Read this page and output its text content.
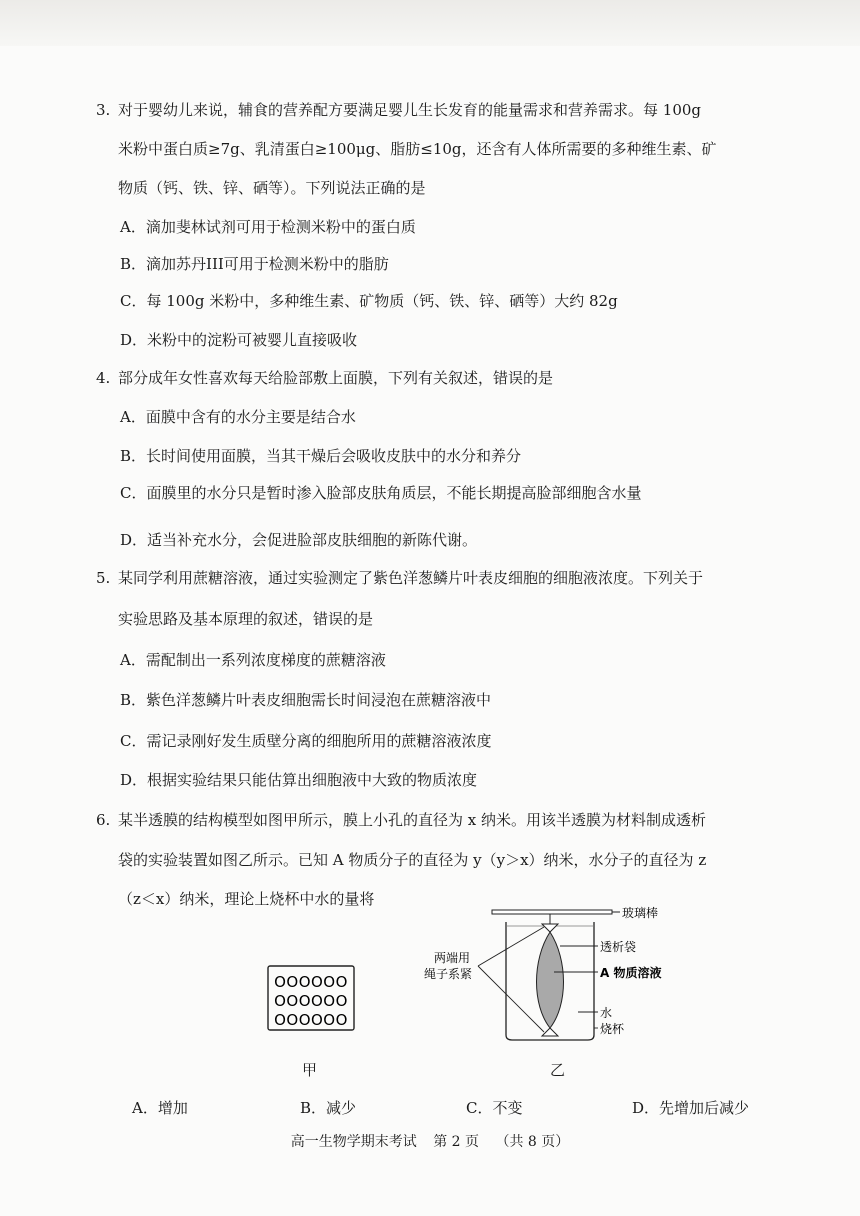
3. 对于婴幼儿来说，辅食的营养配方要满足婴儿生长发育的能量需求和营养需求。每 100g
米粉中蛋白质≥7g、乳清蛋白≥100μg、脂肪≤10g，还含有人体所需要的多种维生素、矿
物质（钙、铁、锌、硒等）。下列说法正确的是
A．滴加斐林试剂可用于检测米粉中的蛋白质
B．滴加苏丹III可用于检测米粉中的脂肪
C．每 100g 米粉中，多种维生素、矿物质（钙、铁、锌、硒等）大约 82g
D．米粉中的淀粉可被婴儿直接吸收
4. 部分成年女性喜欢每天给脸部敷上面膜，下列有关叙述，错误的是
A．面膜中含有的水分主要是结合水
B．长时间使用面膜，当其干燥后会吸收皮肤中的水分和养分
C．面膜里的水分只是暂时渗入脸部皮肤角质层，不能长期提高脸部细胞含水量
D．适当补充水分，会促进脸部皮肤细胞的新陈代谢。
5. 某同学利用蔗糖溶液，通过实验测定了紫色洋葱鳞片叶表皮细胞的细胞液浓度。下列关于
实验思路及基本原理的叙述，错误的是
A．需配制出一系列浓度梯度的蔗糖溶液
B．紫色洋葱鳞片叶表皮细胞需长时间浸泡在蔗糖溶液中
C．需记录刚好发生质壁分离的细胞所用的蔗糖溶液浓度
D．根据实验结果只能估算出细胞液中大致的物质浓度
6. 某半透膜的结构模型如图甲所示，膜上小孔的直径为 x 纳米。用该半透膜为材料制成透析
袋的实验装置如图乙所示。已知 A 物质分子的直径为 y（y＞x）纳米，水分子的直径为 z
（z＜x）纳米，理论上烧杯中水的量将
OOOOOO
OOOOOO
OOOOOO
玻璃棒
两端用
绳子系紧
透析袋
A 物质溶液
水
烧杯
甲	乙
A．增加	B．减少	C．不变	D．先增加后减少
高一生物学期末考试 第 2 页 （共 8 页）
